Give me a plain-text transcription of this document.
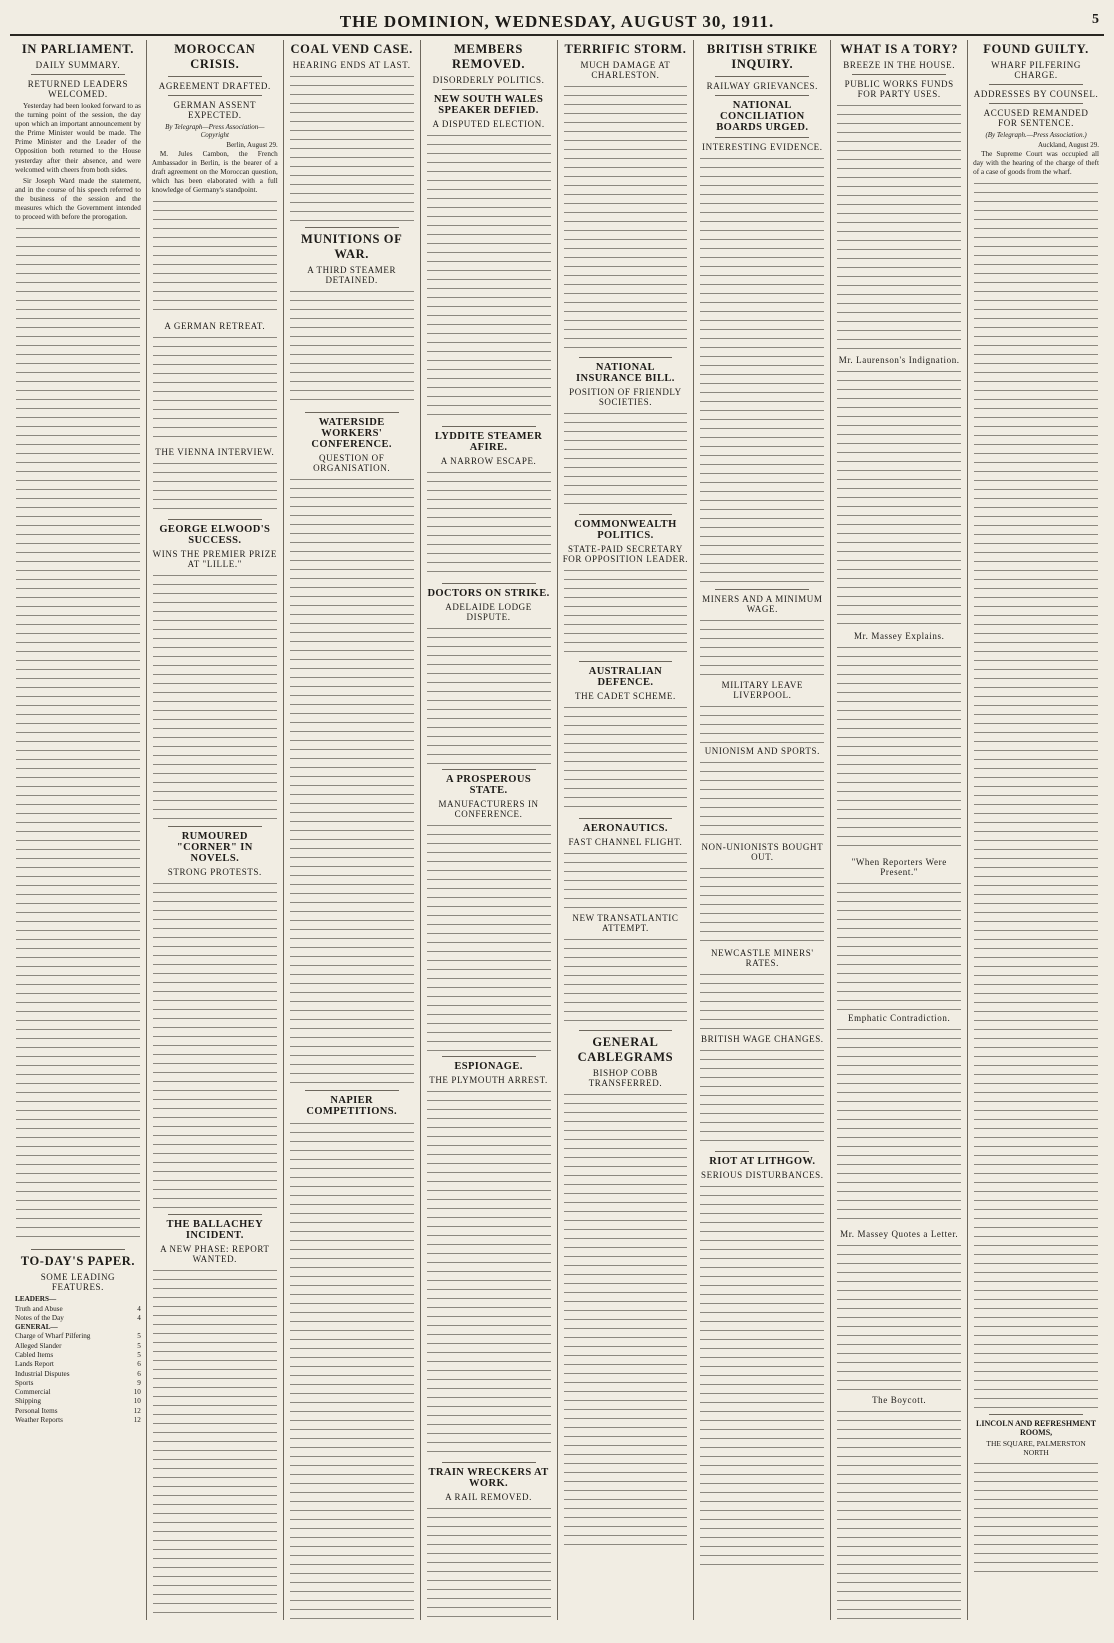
THE DOMINION, WEDNESDAY, AUGUST 30, 1911.	5
IN PARLIAMENT.
DAILY SUMMARY.
RETURNED LEADERS WELCOMED.

Yesterday had been looked forward to as the turning point of the session, the day upon which an important announcement by the Prime Minister would be made. The Prime Minister and the Leader of the Opposition both returned to the House yesterday after their absence, and were welcomed with cheers from both sides.

Sir Joseph Ward made the statement, and in the course of his speech referred to the business of the session and the measures which the Government intended to proceed with before the prorogation.

TO-DAY'S PAPER.
SOME LEADING FEATURES.
LEADERS—
Truth and Abuse	4
Notes of the Day	4
GENERAL—
Charge of Wharf Pilfering	5
Alleged Slander	5
Cabled Items	5
Lands Report	6
Industrial Disputes	6
Sports	9
Commercial	10
Shipping	10
Personal Items	12
Weather Reports	12
MOROCCAN CRISIS.
AGREEMENT DRAFTED.
GERMAN ASSENT EXPECTED.
By Telegraph—Press Association—Copyright
Berlin, August 29.

M. Jules Cambon, the French Ambassador in Berlin, is the bearer of a draft agreement on the Moroccan question, which has been elaborated with a full knowledge of Germany's standpoint.

A GERMAN RETREAT.
THE VIENNA INTERVIEW.
GEORGE ELWOOD'S SUCCESS.
WINS THE PREMIER PRIZE AT "LILLE."
RUMOURED "CORNER" IN NOVELS.
STRONG PROTESTS.
THE BALLACHEY INCIDENT.
A NEW PHASE: REPORT WANTED.
COAL VEND CASE.
HEARING ENDS AT LAST.
MUNITIONS OF WAR.
A THIRD STEAMER DETAINED.
WATERSIDE WORKERS' CONFERENCE.
QUESTION OF ORGANISATION.
NAPIER COMPETITIONS.
MEMBERS REMOVED.
DISORDERLY POLITICS.
NEW SOUTH WALES SPEAKER DEFIED.
A DISPUTED ELECTION.
LYDDITE STEAMER AFIRE.
A NARROW ESCAPE.
DOCTORS ON STRIKE.
ADELAIDE LODGE DISPUTE.
A PROSPEROUS STATE.
MANUFACTURERS IN CONFERENCE.
ESPIONAGE.
THE PLYMOUTH ARREST.
TRAIN WRECKERS AT WORK.
A RAIL REMOVED.
TERRIFIC STORM.
MUCH DAMAGE AT CHARLESTON.
NATIONAL INSURANCE BILL.
POSITION OF FRIENDLY SOCIETIES.
COMMONWEALTH POLITICS.
STATE-PAID SECRETARY FOR OPPOSITION LEADER.
AUSTRALIAN DEFENCE.
THE CADET SCHEME.
AERONAUTICS.
FAST CHANNEL FLIGHT.
NEW TRANSATLANTIC ATTEMPT.
GENERAL CABLEGRAMS
BISHOP COBB TRANSFERRED.
BRITISH STRIKE INQUIRY.
RAILWAY GRIEVANCES.
NATIONAL CONCILIATION BOARDS URGED.
INTERESTING EVIDENCE.
MINERS AND A MINIMUM WAGE.
MILITARY LEAVE LIVERPOOL.
UNIONISM AND SPORTS.
NON-UNIONISTS BOUGHT OUT.
NEWCASTLE MINERS' RATES.
BRITISH WAGE CHANGES.
RIOT AT LITHGOW.
SERIOUS DISTURBANCES.
WHAT IS A TORY?
BREEZE IN THE HOUSE.
PUBLIC WORKS FUNDS FOR PARTY USES.
Mr. Laurenson's Indignation.
Mr. Massey Explains.
"When Reporters Were Present."
Emphatic Contradiction.
Mr. Massey Quotes a Letter.
The Boycott.
FOUND GUILTY.
WHARF PILFERING CHARGE.
ADDRESSES BY COUNSEL.
ACCUSED REMANDED FOR SENTENCE.
(By Telegraph.—Press Association.)
Auckland, August 29.

The Supreme Court was occupied all day with the hearing of the charge of theft of a case of goods from the wharf.

LINCOLN AND REFRESHMENT ROOMS,
THE SQUARE, PALMERSTON NORTH
